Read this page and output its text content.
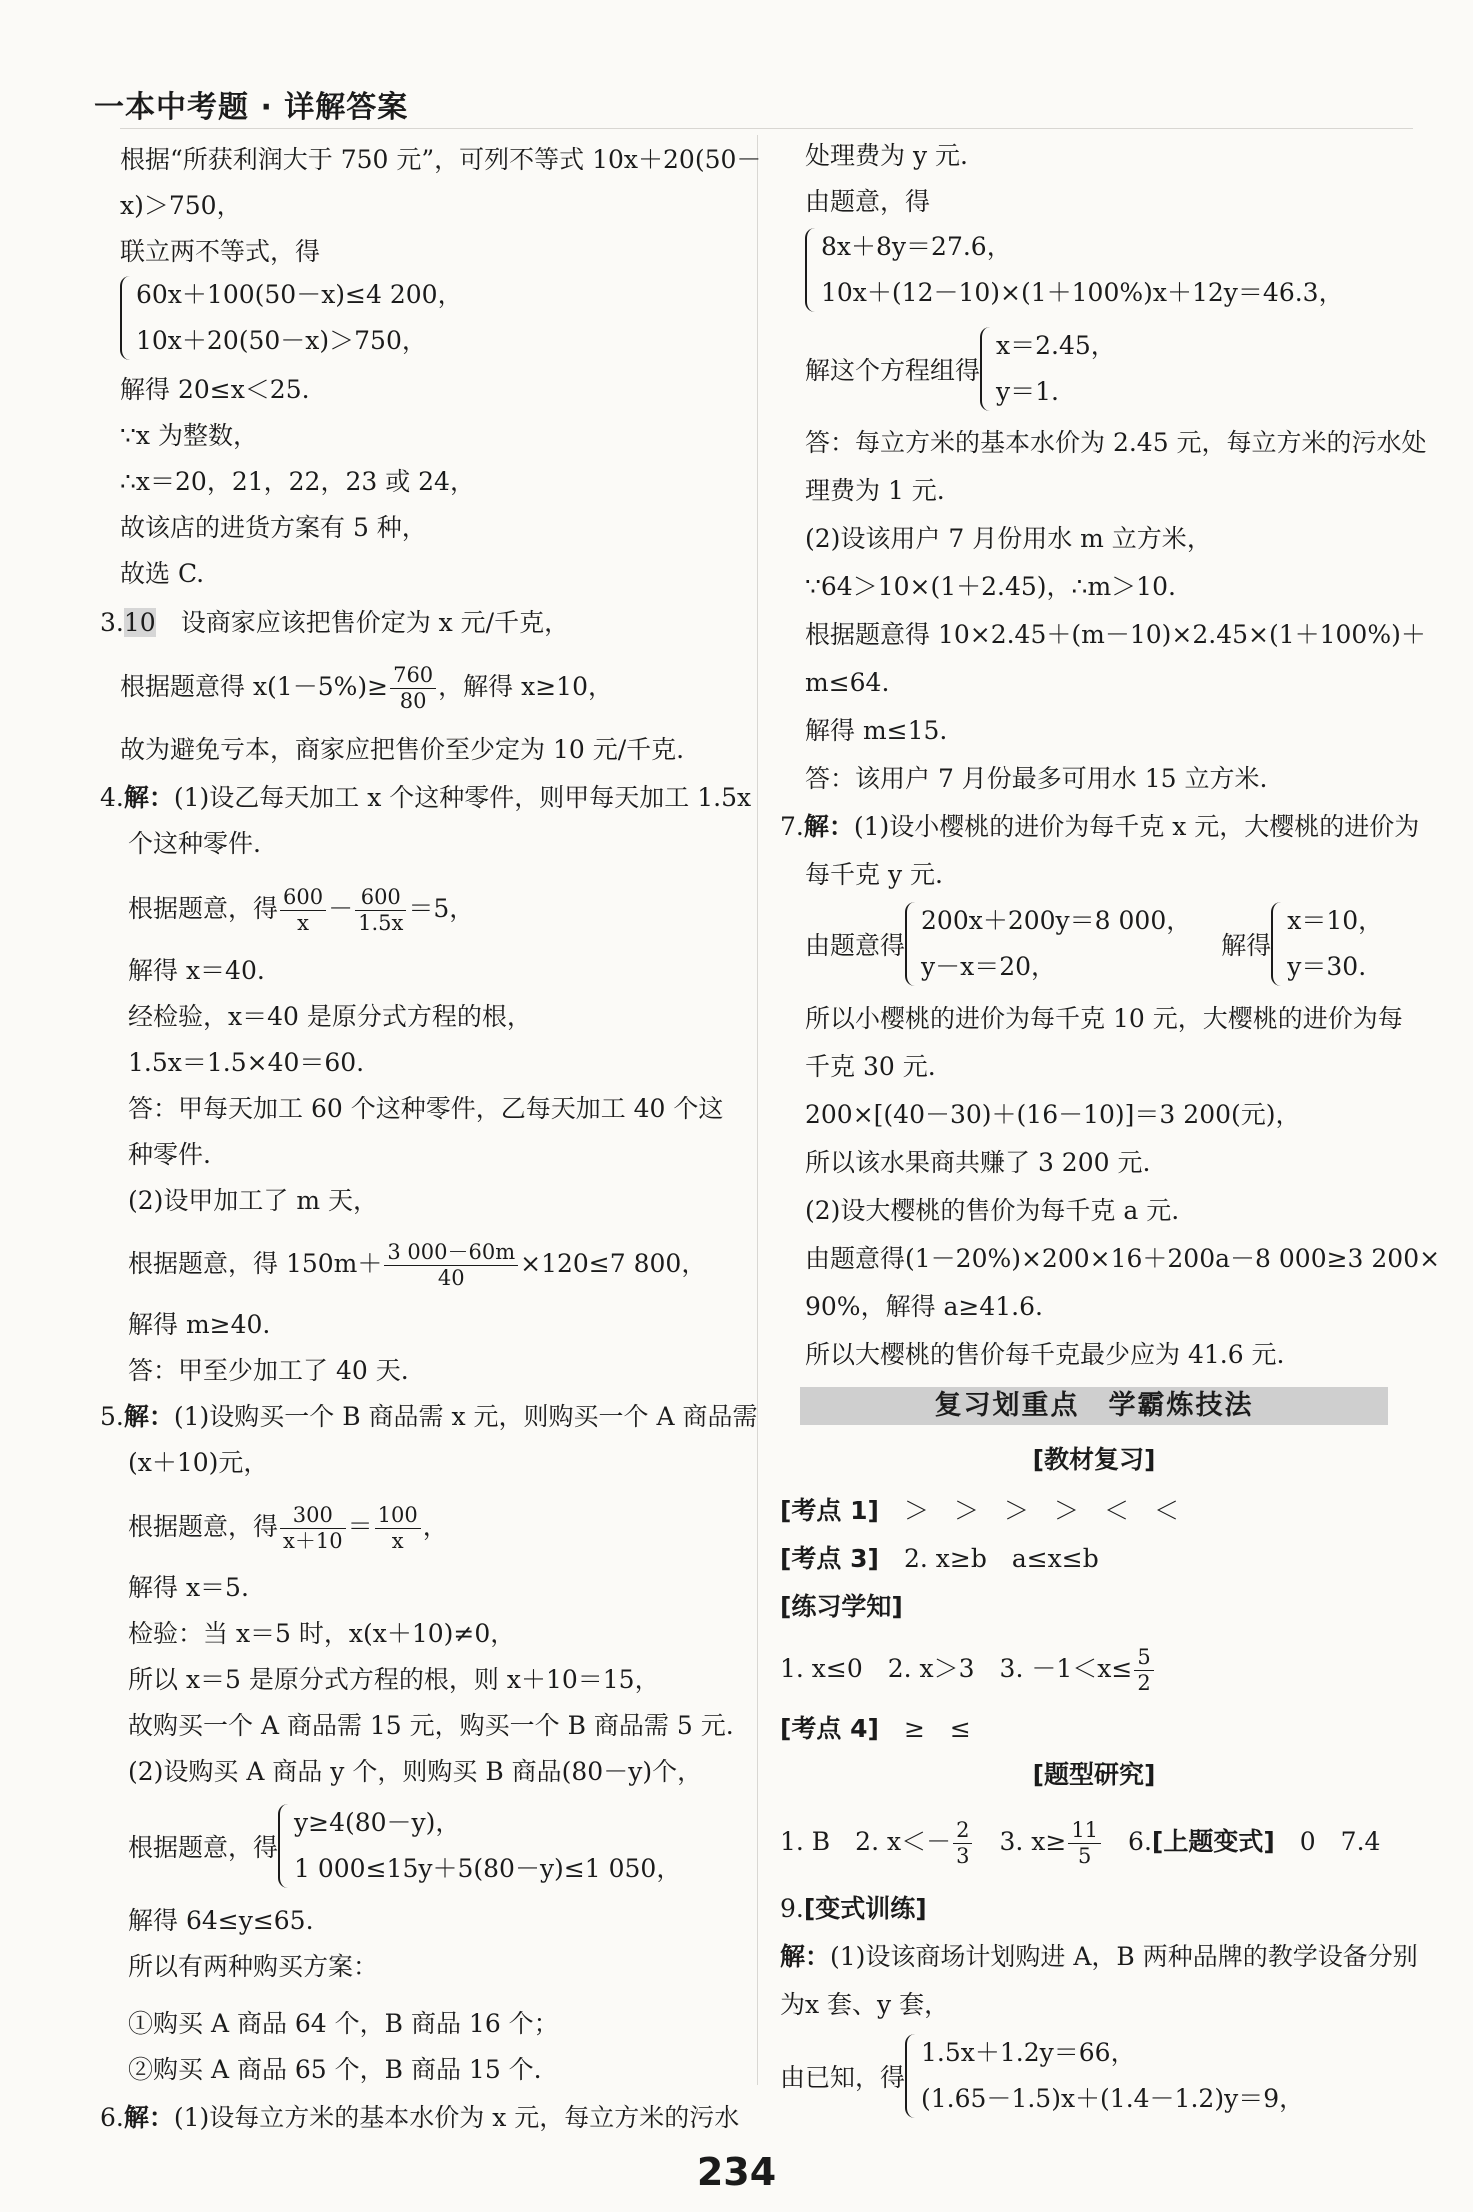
一本中考题 · 详解答案
根据“所获利润大于 750 元”，可列不等式 10x＋20(50－
x)＞750，
联立两不等式，得
60x＋100(50－x)≤4 200，
10x＋20(50－x)＞750，
解得 20≤x＜25.
∵x 为整数，
∴x＝20，21，22，23 或 24，
故该店的进货方案有 5 种，
故选 C.
3.10　 设商家应该把售价定为 x 元/千克，
根据题意得 $x(1-5\%)\ge \frac{760}{80}$ ，解得 x≥10，
故为避免亏本，商家应把售价至少定为 10 元/千克.
4.解：(1)设乙每天加工 x 个这种零件，则甲每天加工 1.5x
个这种零件.
根据题意，得 $\frac{600}{x} - \frac{600}{1.5x} =5$，
解得 x＝40.
经检验，x＝40 是原分式方程的根，
1.5x＝1.5×40＝60.
答：甲每天加工 60 个这种零件，乙每天加工 40 个这
种零件.
(2)设甲加工了 m 天，
根据题意，得 $150m+ \frac{3 000-60m}{40} \times 120\le 7$ 800，
解得 m≥40.
答：甲至少加工了 40 天.
5.解：(1)设购买一个 B 商品需 x 元，则购买一个 A 商品需
(x＋10)元，
根据题意，得 $\frac{300}{x+10} = \frac{100}{x}$ ，
解得 x＝5.
检验：当 x＝5 时，x(x＋10)≠0，
所以 x＝5 是原分式方程的根，则 x＋10＝15，
故购买一个 A 商品需 15 元，购买一个 B 商品需 5 元.
(2)设购买 A 商品 y 个，则购买 B 商品(80－y)个，
根据题意，得
y≥4(80－y)，
1 000≤15y＋5(80－y)≤1 050，
解得 64≤y≤65.
所以有两种购买方案：
①购买 A 商品 64 个，B 商品 16 个；
②购买 A 商品 65 个，B 商品 15 个.
6.解：(1)设每立方米的基本水价为 x 元，每立方米的污水
处理费为 y 元.
由题意，得
8x＋8y＝27.6，
10x＋(12－10)×(1＋100%)x＋12y＝46.3，
解这个方程组得
x＝2.45，
y＝1.
答：每立方米的基本水价为 2.45 元，每立方米的污水处
理费为 1 元.
(2)设该用户 7 月份用水 m 立方米，
∵64＞10×(1＋2.45)，∴m＞10.
根据题意得 10×2.45＋(m－10)×2.45×(1＋100%)＋
m≤64.
解得 m≤15.
答：该用户 7 月份最多可用水 15 立方米.
7.解：(1)设小樱桃的进价为每千克 x 元，大樱桃的进价为
每千克 y 元.
由题意得
200x＋200y＝8 000，
y－x＝20，
解得
x＝10，
y＝30.
所以小樱桃的进价为每千克 10 元，大樱桃的进价为每
千克 30 元.
200×[(40－30)＋(16－10)]＝3 200(元)，
所以该水果商共赚了 3 200 元.
(2)设大樱桃的售价为每千克 a 元.
由题意得(1－20%)×200×16＋200a－8 000≥3 200×
90%，解得 a≥41.6.
所以大樱桃的售价每千克最少应为 41.6 元.
复习划重点　学霸炼技法
[教材复习]
[考点 1]　 ＞　＞　＞　＞　＜　＜
[考点 3]　 2. x≥b　a≤x≤b
[练习学知]
1. x≤0　2. x＞3　3. $-1<x\le \frac{5}{2}$
[考点 4]　 ≥　≤
[题型研究]
1. B　2. $x<- \frac{2}{3}$ 　3. $x\ge \frac{11}{5}$ 　6.[上题变式]　0　7.4
9.[变式训练]
解：(1)设该商场计划购进 A，B 两种品牌的教学设备分别
为x 套、y 套，
由已知，得
1.5x＋1.2y＝66，
(1.65－1.5)x＋(1.4－1.2)y＝9，
234
